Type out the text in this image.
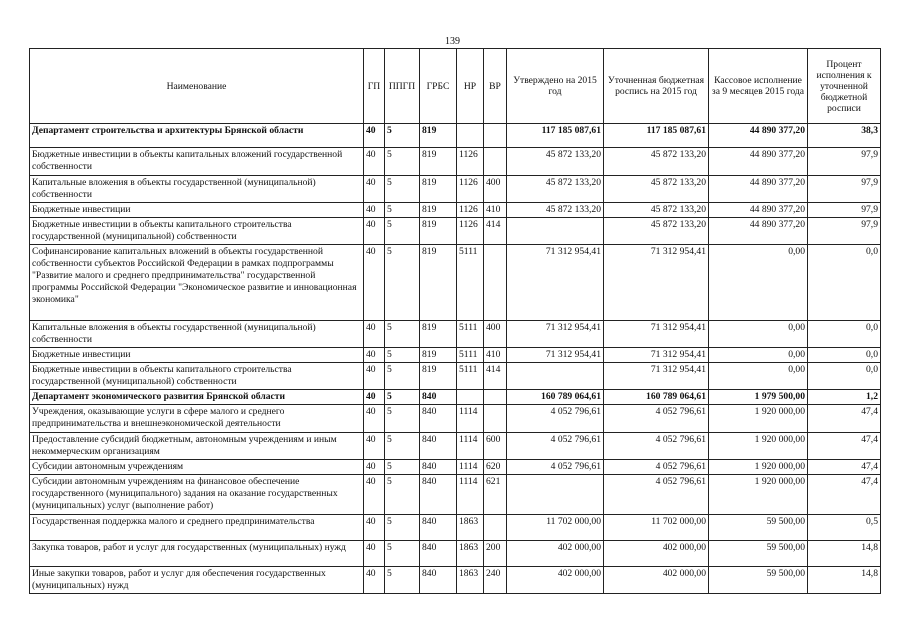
139
Наименование	ГП	ППГП	ГРБС	НР	ВР	Утверждено на 2015 год	Уточненная бюджетная роспись на 2015 год	Кассовое исполнение за 9 месяцев 2015 года	Процент исполнения к уточненной бюджетной росписи
Департамент строительства и архитектуры Брянской области	40	5	819			117 185 087,61	117 185 087,61	44 890 377,20	38,3
Бюджетные инвестиции в объекты капитальных вложений государственной собственности	40	5	819	1126		45 872 133,20	45 872 133,20	44 890 377,20	97,9
Капитальные вложения в объекты государственной (муниципальной) собственности	40	5	819	1126	400	45 872 133,20	45 872 133,20	44 890 377,20	97,9
Бюджетные инвестиции	40	5	819	1126	410	45 872 133,20	45 872 133,20	44 890 377,20	97,9
Бюджетные инвестиции в объекты капитального строительства государственной (муниципальной) собственности	40	5	819	1126	414		45 872 133,20	44 890 377,20	97,9
Софинансирование капитальных вложений в объекты государственной собственности субъектов Российской Федерации в рамках подпрограммы "Развитие малого и среднего предпринимательства" государственной программы Российской Федерации "Экономическое развитие и инновационная экономика"	40	5	819	5111		71 312 954,41	71 312 954,41	0,00	0,0
Капитальные вложения в объекты государственной (муниципальной) собственности	40	5	819	5111	400	71 312 954,41	71 312 954,41	0,00	0,0
Бюджетные инвестиции	40	5	819	5111	410	71 312 954,41	71 312 954,41	0,00	0,0
Бюджетные инвестиции в объекты капитального строительства государственной (муниципальной) собственности	40	5	819	5111	414		71 312 954,41	0,00	0,0
Департамент экономического развития Брянской области	40	5	840			160 789 064,61	160 789 064,61	1 979 500,00	1,2
Учреждения, оказывающие услуги в сфере малого и среднего предпринимательства и внешнеэкономической деятельности	40	5	840	1114		4 052 796,61	4 052 796,61	1 920 000,00	47,4
Предоставление субсидий бюджетным, автономным учреждениям и иным некоммерческим организациям	40	5	840	1114	600	4 052 796,61	4 052 796,61	1 920 000,00	47,4
Субсидии автономным учреждениям	40	5	840	1114	620	4 052 796,61	4 052 796,61	1 920 000,00	47,4
Субсидии автономным учреждениям на финансовое обеспечение государственного (муниципального) задания на оказание государственных (муниципальных) услуг (выполнение работ)	40	5	840	1114	621		4 052 796,61	1 920 000,00	47,4
Государственная поддержка малого и среднего предпринимательства	40	5	840	1863		11 702 000,00	11 702 000,00	59 500,00	0,5
Закупка товаров, работ и услуг для государственных (муниципальных) нужд	40	5	840	1863	200	402 000,00	402 000,00	59 500,00	14,8
Иные закупки товаров, работ и услуг для обеспечения государственных (муниципальных) нужд	40	5	840	1863	240	402 000,00	402 000,00	59 500,00	14,8
